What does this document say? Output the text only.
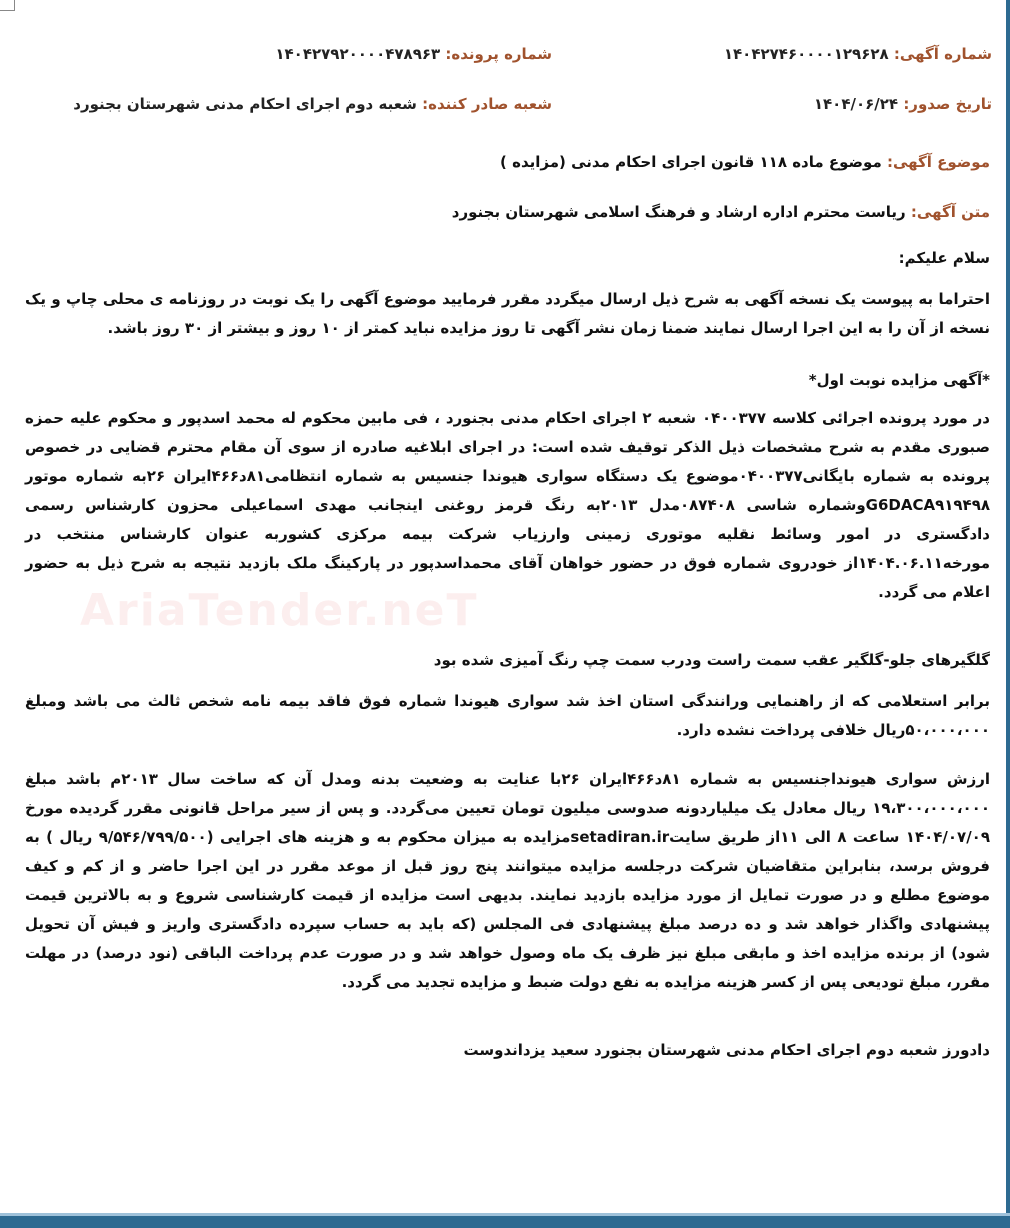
AriaTender.neT
شماره آگهی: ۱۴۰۴۲۷۴۶۰۰۰۰۱۲۹۶۲۸
شماره پرونده: ۱۴۰۴۲۷۹۲۰۰۰۰۴۷۸۹۶۳
تاریخ صدور: ۱۴۰۴/۰۶/۲۴
شعبه صادر کننده: شعبه دوم اجرای احکام مدنی شهرستان بجنورد
موضوع آگهی: موضوع ماده ۱۱۸ قانون اجرای احکام مدنی (مزایده )
متن آگهی: ریاست محترم اداره ارشاد و فرهنگ اسلامی شهرستان بجنورد
سلام علیکم:
احتراما به پیوست یک نسخه آگهی به شرح ذیل ارسال میگردد مقرر فرمایید موضوع آگهی را یک نوبت در روزنامه ی محلی چاپ و یک نسخه از آن را به این اجرا ارسال نمایند ضمنا زمان نشر آگهی تا روز مزایده نباید کمتر از ۱۰ روز و بیشتر از ۳۰ روز باشد.
*آگهی مزایده نوبت اول*
در مورد پرونده اجرائی کلاسه ۰۴۰۰۳۷۷ شعبه ۲ اجرای احکام مدنی بجنورد ، فی مابین محکوم له محمد اسدپور و محکوم علیه حمزه صبوری مقدم به شرح مشخصات ذیل الذکر توقیف شده است: در اجرای ابلاغیه صادره از سوی آن مقام محترم قضایی در خصوص پرونده به شماره بایگانی۰۴۰۰۳۷۷موضوع یک دستگاه سواری هیوندا جنسیس به شماره انتظامی۸۱د۴۶۶ایران ۲۶به شماره موتور G6DACA۹۱۹۴۹۸وشماره شاسی ۰۸۷۴۰۸مدل ۲۰۱۳به رنگ قرمز روغنی اینجانب مهدی اسماعیلی محزون کارشناس رسمی دادگستری در امور وسائط نقلیه موتوری زمینی وارزیاب شرکت بیمه مرکزی کشوربه عنوان کارشناس منتخب در مورخه۱۴۰۴.۰۶.۱۱از خودروی شماره فوق در حضور خواهان آقای محمداسدپور در پارکینگ ملک بازدید نتیجه به شرح ذیل به حضور اعلام می گردد.
گلگیرهای جلو-گلگیر عقب سمت راست ودرب سمت چپ رنگ آمیزی شده بود
برابر استعلامی که از راهنمایی ورانندگی استان اخذ شد سواری هیوندا شماره فوق فاقد بیمه نامه شخص ثالث می باشد ومبلغ ۵۰،۰۰۰،۰۰۰ریال خلافی پرداخت نشده دارد.
ارزش سواری هیونداجنسیس به شماره ۸۱د۴۶۶ایران ۲۶با عنایت به وضعیت بدنه ومدل آن که ساخت سال ۲۰۱۳م باشد مبلغ ۱۹،۳۰۰،۰۰۰،۰۰۰ ریال معادل یک میلیاردونه صدوسی میلیون تومان تعیین می‌گردد. و پس از سیر مراحل قانونی مقرر گردیده مورخ ۱۴۰۴/۰۷/۰۹ ساعت ۸ الی ۱۱از طریق سایتsetadiran.irمزایده به میزان محکوم به و هزینه های اجرایی (۹/۵۴۶/۷۹۹/۵۰۰ ریال ) به فروش برسد، بنابراین متقاضیان شرکت درجلسه مزایده میتوانند پنج روز قبل از موعد مقرر در این اجرا حاضر و از کم و کیف موضوع مطلع و در صورت تمایل از مورد مزایده بازدید نمایند. بدیهی است مزایده از قیمت کارشناسی شروع و به بالاترین قیمت پیشنهادی واگذار خواهد شد و ده درصد مبلغ پیشنهادی فی المجلس (که باید به حساب سپرده دادگستری واریز و فیش آن تحویل شود) از برنده مزایده اخذ و مابقی مبلغ نیز ظرف یک ماه وصول خواهد شد و در صورت عدم پرداخت الباقی (نود درصد) در مهلت مقرر، مبلغ تودیعی پس از کسر هزینه مزایده به نفع دولت ضبط و مزایده تجدید می گردد.
دادورز شعبه دوم اجرای احکام مدنی شهرستان بجنورد سعید یزداندوست
